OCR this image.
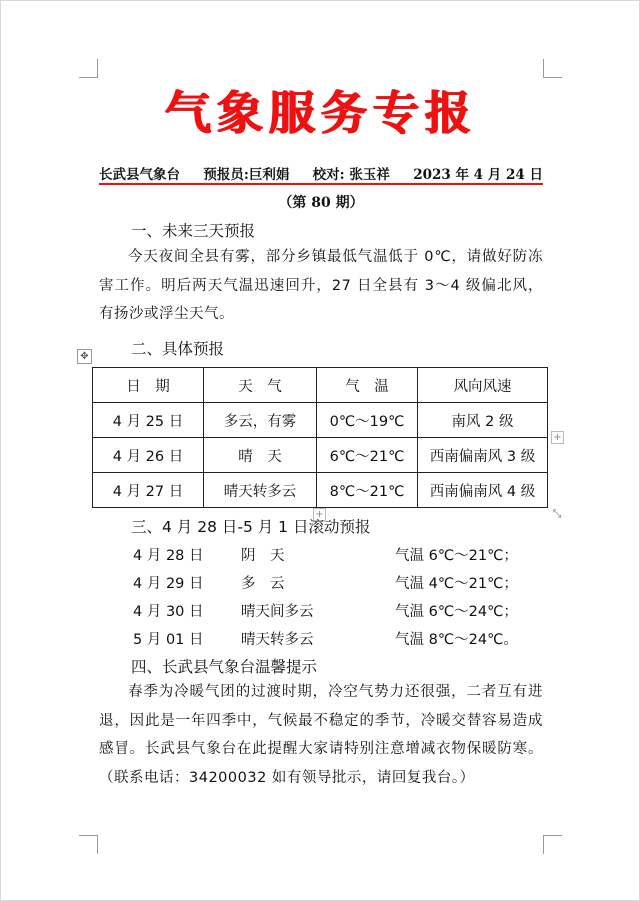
气象服务专报
长武县气象台 预报员:巨利娟 校对: 张玉祥 2023 年 4 月 24 日
（第 80 期）
一、未来三天预报
今天夜间全县有雾，部分乡镇最低气温低于 0℃，请做好防冻害工作。明后两天气温迅速回升，27 日全县有 3～4 级偏北风，有扬沙或浮尘天气。
二、具体预报
✥
日　期	天　气	气　温	风向风速
4 月 25 日	多云，有雾	0℃～19℃	南风 2 级
4 月 26 日	晴　天	6℃～21℃	西南偏南风 3 级
4 月 27 日	晴天转多云	8℃～21℃	西南偏南风 4 级
+
+	⤡
三、4 月 28 日-5 月 1 日滚动预报
4 月 28 日	阴　天	气温 6℃～21℃；
4 月 29 日	多　云	气温 4℃～21℃；
4 月 30 日	晴天间多云	气温 6℃～24℃；
5 月 01 日	晴天转多云	气温 8℃～24℃。
四、长武县气象台温馨提示
春季为冷暖气团的过渡时期，冷空气势力还很强，二者互有进退，因此是一年四季中，气候最不稳定的季节，冷暖交替容易造成感冒。长武县气象台在此提醒大家请特别注意增减衣物保暖防寒。（联系电话：34200032 如有领导批示，请回复我台。）
